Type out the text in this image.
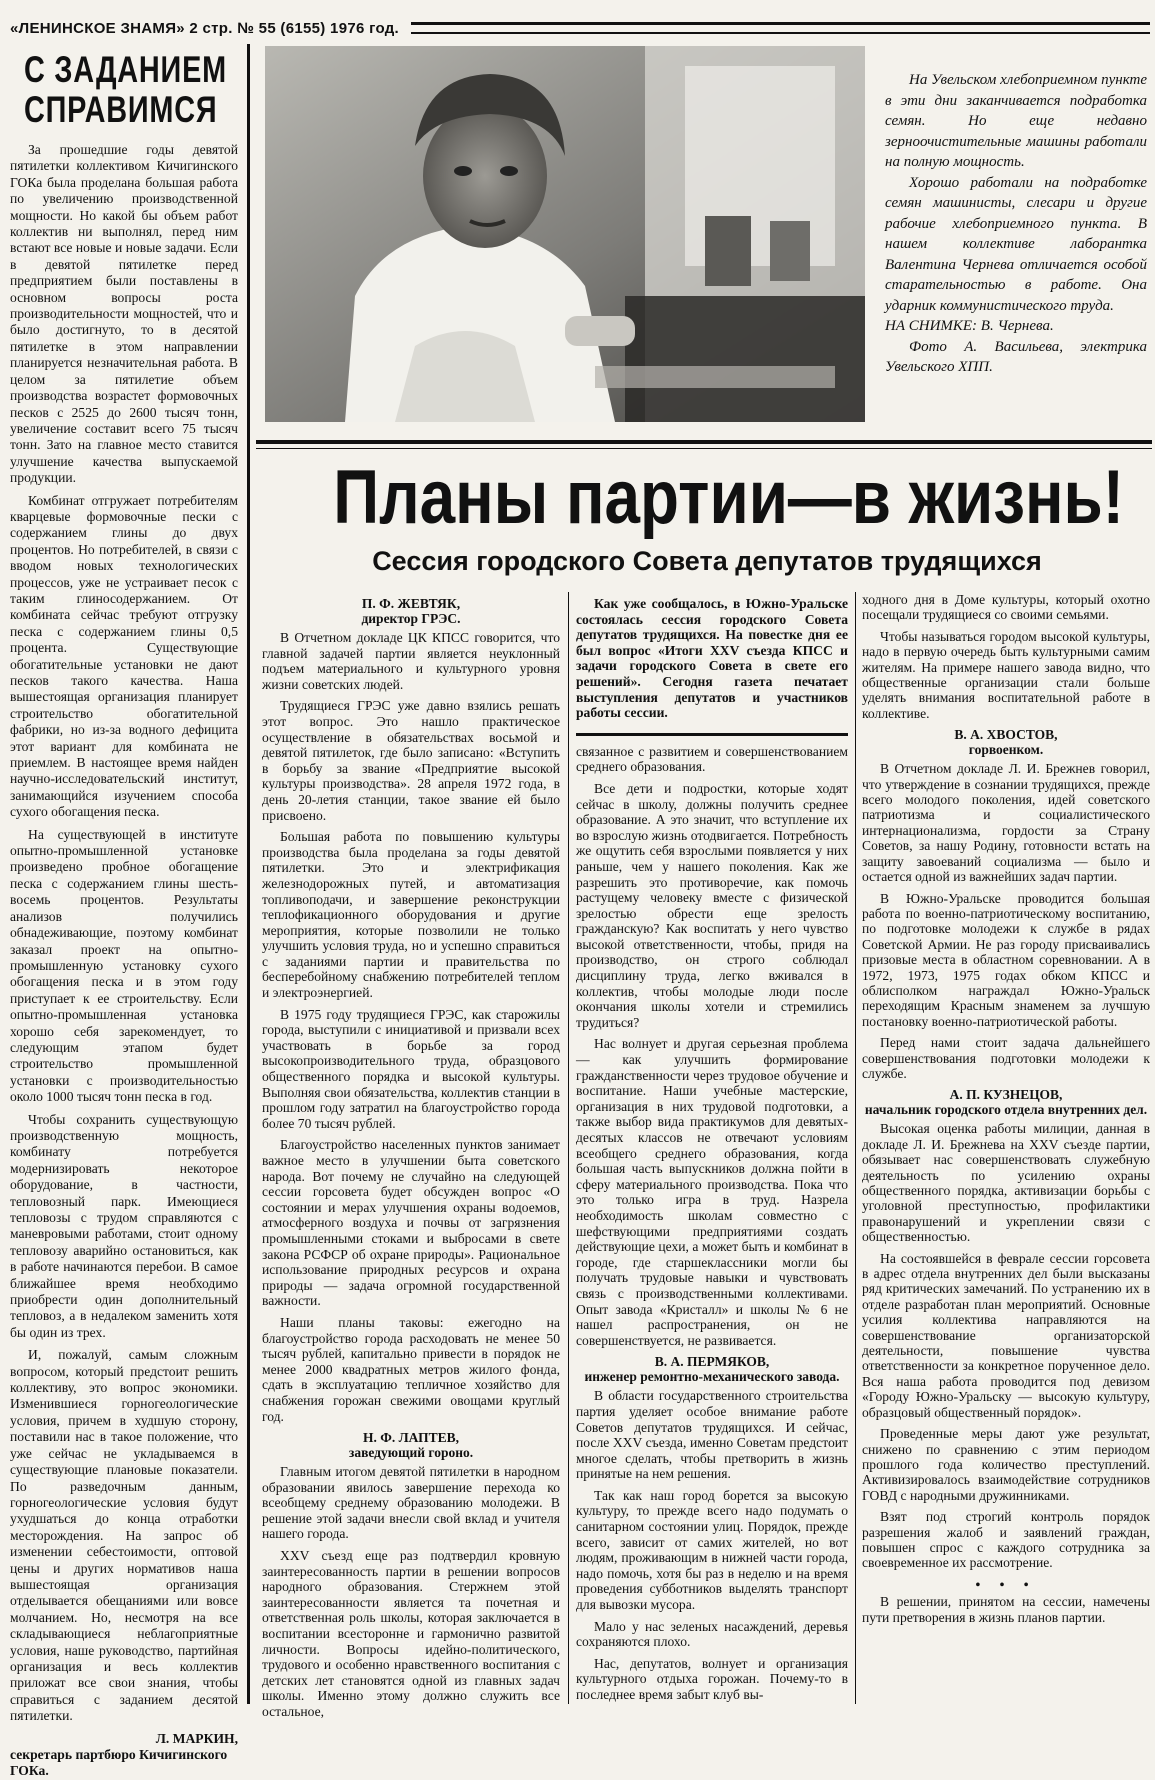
«ЛЕНИНСКОЕ ЗНАМЯ» 2 стр. № 55 (6155) 1976 год.
С ЗАДАНИЕМ
СПРАВИМСЯ

За прошедшие годы девятой пятилетки коллективом Кичигинского ГОКа была проделана большая работа по увеличению производственной мощности. Но какой бы объем работ коллектив ни выполнял, перед ним встают все новые и новые задачи. Если в девятой пятилетке перед предприятием были поставлены в основном вопросы роста производительности мощностей, что и было достигнуто, то в десятой пятилетке в этом направлении планируется незначительная работа. В целом за пятилетие объем производства возрастет формовочных песков с 2525 до 2600 тысяч тонн, увеличение составит всего 75 тысяч тонн. Зато на главное место ставится улучшение качества выпускаемой продукции.

Комбинат отгружает потребителям кварцевые формовочные пески с содержанием глины до двух процентов. Но потребителей, в связи с вводом новых технологических процессов, уже не устраивает песок с таким глиносодержанием. От комбината сейчас требуют отгрузку песка с содержанием глины 0,5 процента. Существующие обогатительные установки не дают песков такого качества. Наша вышестоящая организация планирует строительство обогатительной фабрики, но из-за водного дефицита этот вариант для комбината не приемлем. В настоящее время найден научно-исследовательский институт, занимающийся изучением способа сухого обогащения песка.

На существующей в институте опытно-промышленной установке произведено пробное обогащение песка с содержанием глины шесть-восемь процентов. Результаты анализов получились обнадеживающие, поэтому комбинат заказал проект на опытно-промышленную установку сухого обогащения песка и в этом году приступает к ее строительству. Если опытно-промышленная установка хорошо себя зарекомендует, то следующим этапом будет строительство промышленной установки с производительностью около 1000 тысяч тонн песка в год.

Чтобы сохранить существующую производственную мощность, комбинату потребуется модернизировать некоторое оборудование, в частности, тепловозный парк. Имеющиеся тепловозы с трудом справляются с маневровыми работами, стоит одному тепловозу аварийно остановиться, как в работе начинаются перебои. В самое ближайшее время необходимо приобрести один дополнительный тепловоз, а в недалеком заменить хотя бы один из трех.

И, пожалуй, самым сложным вопросом, который предстоит решить коллективу, это вопрос экономики. Изменившиеся горногеологические условия, причем в худшую сторону, поставили нас в такое положение, что уже сейчас не укладываемся в существующие плановые показатели. По разведочным данным, горногеологические условия будут ухудшаться до конца отработки месторождения. На запрос об изменении себестоимости, оптовой цены и других нормативов наша вышестоящая организация отделывается обещаниями или вовсе молчанием. Но, несмотря на все складывающиеся неблагоприятные условия, наше руководство, партийная организация и весь коллектив приложат все свои знания, чтобы справиться с заданием десятой пятилетки.

Л. МАРКИН,
секретарь партбюро Кичигинского ГОКа.

На Увельском хлебоприемном пункте в эти дни заканчивается подработка семян. Но еще недавно зерноочистительные машины работали на полную мощность.

Хорошо работали на подработке семян машинисты, слесари и другие рабочие хлебоприемного пункта. В нашем коллективе лаборантка Валентина Чернева отличается особой старательностью в работе. Она ударник коммунистического труда.

НА СНИМКЕ: В. Чернева.

Фото А. Васильева, электрика Увельского ХПП.

Планы партии—в жизнь!
Сессия городского Совета депутатов трудящихся
П. Ф. ЖЕВТЯК,
директор ГРЭС.

В Отчетном докладе ЦК КПСС говорится, что главной задачей партии является неуклонный подъем материального и культурного уровня жизни советских людей.

Трудящиеся ГРЭС уже давно взялись решать этот вопрос. Это нашло практическое осуществление в обязательствах восьмой и девятой пятилеток, где было записано: «Вступить в борьбу за звание «Предприятие высокой культуры производства». 28 апреля 1972 года, в день 20-летия станции, такое звание ей было присвоено.

Большая работа по повышению культуры производства была проделана за годы девятой пятилетки. Это и электрификация железнодорожных путей, и автоматизация топливоподачи, и завершение реконструкции теплофикационного оборудования и другие мероприятия, которые позволили не только улучшить условия труда, но и успешно справиться с заданиями партии и правительства по бесперебойному снабжению потребителей теплом и электроэнергией.

В 1975 году трудящиеся ГРЭС, как старожилы города, выступили с инициативой и призвали всех участвовать в борьбе за город высокопроизводительного труда, образцового общественного порядка и высокой культуры. Выполняя свои обязательства, коллектив станции в прошлом году затратил на благоустройство города более 70 тысяч рублей.

Благоустройство населенных пунктов занимает важное место в улучшении быта советского народа. Вот почему не случайно на следующей сессии горсовета будет обсужден вопрос «О состоянии и мерах улучшения охраны водоемов, атмосферного воздуха и почвы от загрязнения промышленными стоками и выбросами в свете закона РСФСР об охране природы». Рациональное использование природных ресурсов и охрана природы — задача огромной государственной важности.

Наши планы таковы: ежегодно на благоустройство города расходовать не менее 50 тысяч рублей, капитально привести в порядок не менее 2000 квадратных метров жилого фонда, сдать в эксплуатацию тепличное хозяйство для снабжения горожан свежими овощами круглый год.

Н. Ф. ЛАПТЕВ,
заведующий гороно.

Главным итогом девятой пятилетки в народном образовании явилось завершение перехода ко всеобщему среднему образованию молодежи. В решение этой задачи внесли свой вклад и учителя нашего города.

XXV съезд еще раз подтвердил кровную заинтересованность партии в решении вопросов народного образования. Стержнем этой заинтересованности является та почетная и ответственная роль школы, которая заключается в воспитании всесторонне и гармонично развитой личности. Вопросы идейно-политического, трудового и особенно нравственного воспитания с детских лет становятся одной из главных задач школы. Именно этому должно служить все остальное,

Как уже сообщалось, в Южно-Уральске состоялась сессия городского Совета депутатов трудящихся. На повестке дня ее был вопрос «Итоги XXV съезда КПСС и задачи городского Совета в свете его решений». Сегодня газета печатает выступления депутатов и участников работы сессии.

связанное с развитием и совершенствованием среднего образования.

Все дети и подростки, которые ходят сейчас в школу, должны получить среднее образование. А это значит, что вступление их во взрослую жизнь отодвигается. Потребность же ощутить себя взрослыми появляется у них раньше, чем у нашего поколения. Как же разрешить это противоречие, как помочь растущему человеку вместе с физической зрелостью обрести еще зрелость гражданскую? Как воспитать у него чувство высокой ответственности, чтобы, придя на производство, он строго соблюдал дисциплину труда, легко вживался в коллектив, чтобы молодые люди после окончания школы хотели и стремились трудиться?

Нас волнует и другая серьезная проблема — как улучшить формирование гражданственности через трудовое обучение и воспитание. Наши учебные мастерские, организация в них трудовой подготовки, а также выбор вида практикумов для девятых-десятых классов не отвечают условиям всеобщего среднего образования, когда большая часть выпускников должна пойти в сферу материального производства. Пока что это только игра в труд. Назрела необходимость школам совместно с шефствующими предприятиями создать действующие цехи, а может быть и комбинат в городе, где старшеклассники могли бы получать трудовые навыки и чувствовать связь с производственными коллективами. Опыт завода «Кристалл» и школы № 6 не нашел распространения, он не совершенствуется, не развивается.

В. А. ПЕРМЯКОВ,
инженер ремонтно-механического завода.

В области государственного строительства партия уделяет особое внимание работе Советов депутатов трудящихся. И сейчас, после XXV съезда, именно Советам предстоит многое сделать, чтобы претворить в жизнь принятые на нем решения.

Так как наш город борется за высокую культуру, то прежде всего надо подумать о санитарном состоянии улиц. Порядок, прежде всего, зависит от самих жителей, но вот людям, проживающим в нижней части города, надо помочь, хотя бы раз в неделю и на время проведения субботников выделять транспорт для вывозки мусора.

Мало у нас зеленых насаждений, деревья сохраняются плохо.

Нас, депутатов, волнует и организация культурного отдыха горожан. Почему-то в последнее время забыт клуб вы-

ходного дня в Доме культуры, который охотно посещали трудящиеся со своими семьями.

Чтобы называться городом высокой культуры, надо в первую очередь быть культурными самим жителям. На примере нашего завода видно, что общественные организации стали больше уделять внимания воспитательной работе в коллективе.

В. А. ХВОСТОВ,
горвоенком.

В Отчетном докладе Л. И. Брежнев говорил, что утверждение в сознании трудящихся, прежде всего молодого поколения, идей советского патриотизма и социалистического интернационализма, гордости за Страну Советов, за нашу Родину, готовности встать на защиту завоеваний социализма — было и остается одной из важнейших задач партии.

В Южно-Уральске проводится большая работа по военно-патриотическому воспитанию, по подготовке молодежи к службе в рядах Советской Армии. Не раз городу присваивались призовые места в областном соревновании. А в 1972, 1973, 1975 годах обком КПСС и облисполком награждал Южно-Уральск переходящим Красным знаменем за лучшую постановку военно-патриотической работы.

Перед нами стоит задача дальнейшего совершенствования подготовки молодежи к службе.

А. П. КУЗНЕЦОВ,
начальник городского отдела внутренних дел.

Высокая оценка работы милиции, данная в докладе Л. И. Брежнева на XXV съезде партии, обязывает нас совершенствовать служебную деятельность по усилению охраны общественного порядка, активизации борьбы с уголовной преступностью, профилактики правонарушений и укреплении связи с общественностью.

На состоявшейся в феврале сессии горсовета в адрес отдела внутренних дел были высказаны ряд критических замечаний. По устранению их в отделе разработан план мероприятий. Основные усилия коллектива направляются на совершенствование организаторской деятельности, повышение чувства ответственности за конкретное порученное дело. Вся наша работа проводится под девизом «Городу Южно-Уральску — высокую культуру, образцовый общественный порядок».

Проведенные меры дают уже результат, снижено по сравнению с этим периодом прошлого года количество преступлений. Активизировалось взаимодействие сотрудников ГОВД с народными дружинниками.

Взят под строгий контроль порядок разрешения жалоб и заявлений граждан, повышен спрос с каждого сотрудника за своевременное их рассмотрение.

• • •

В решении, принятом на сессии, намечены пути претворения в жизнь планов партии.
